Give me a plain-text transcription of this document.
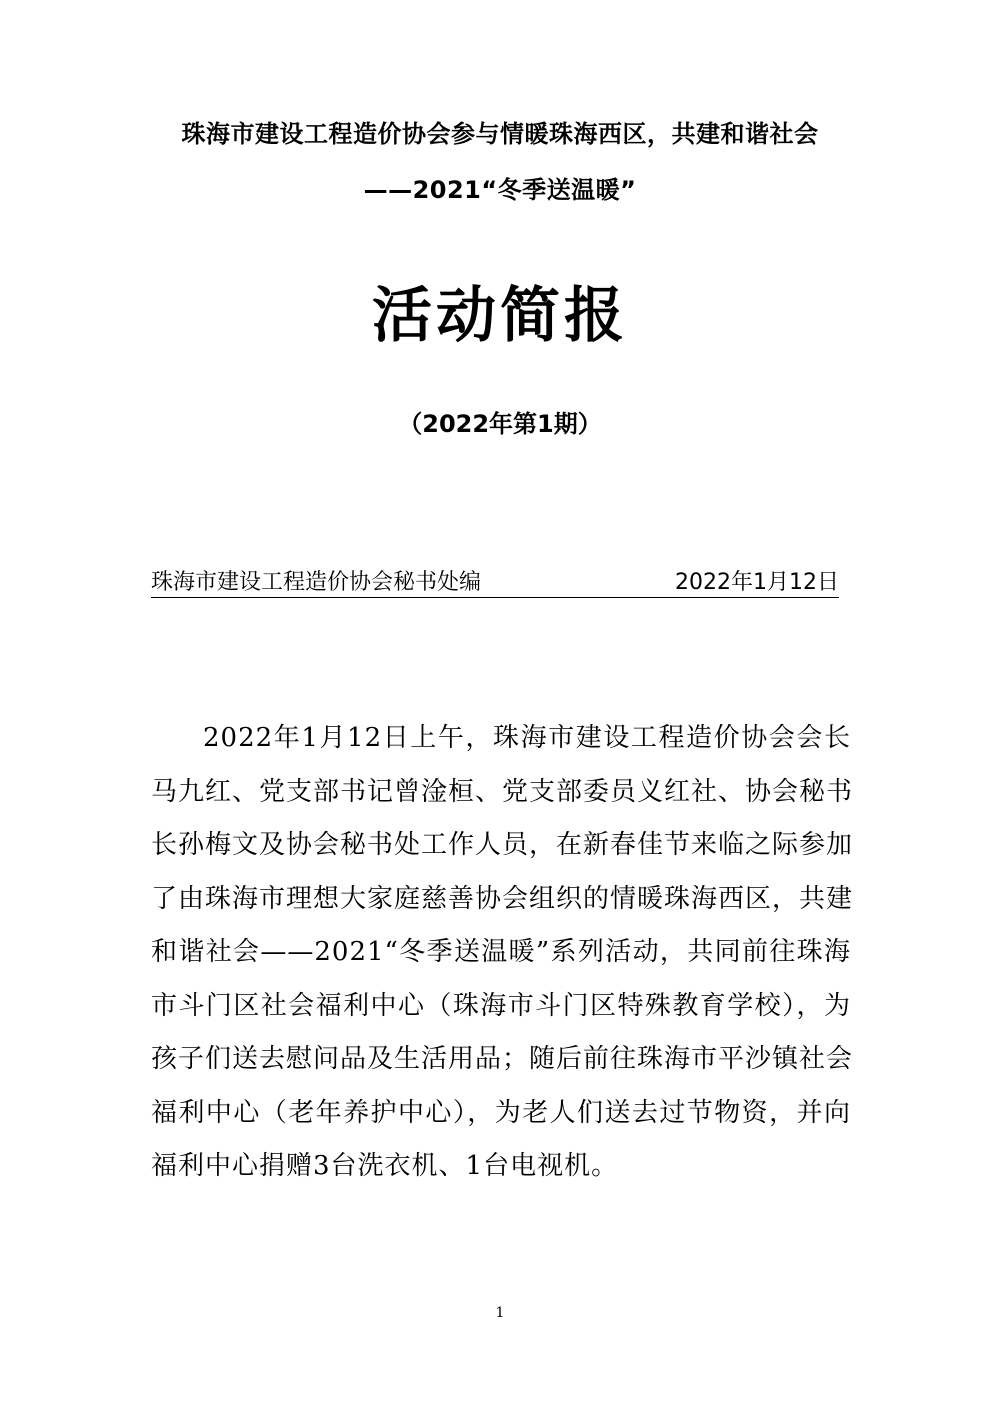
珠海市建设工程造价协会参与情暖珠海西区，共建和谐社会
——2021“冬季送温暖”
活动简报
（2022年第1期）
珠海市建设工程造价协会秘书处编	2022年1月12日
2022年1月12日上午，珠海市建设工程造价协会会长
马九红、党支部书记曾淦桓、党支部委员义红社、协会秘书
长孙梅文及协会秘书处工作人员，在新春佳节来临之际参加
了由珠海市理想大家庭慈善协会组织的情暖珠海西区，共建
和谐社会——2021“冬季送温暖”系列活动，共同前往珠海
市斗门区社会福利中心（珠海市斗门区特殊教育学校），为
孩子们送去慰问品及生活用品；随后前往珠海市平沙镇社会
福利中心（老年养护中心），为老人们送去过节物资，并向
福利中心捐赠3台洗衣机、1台电视机。
1
